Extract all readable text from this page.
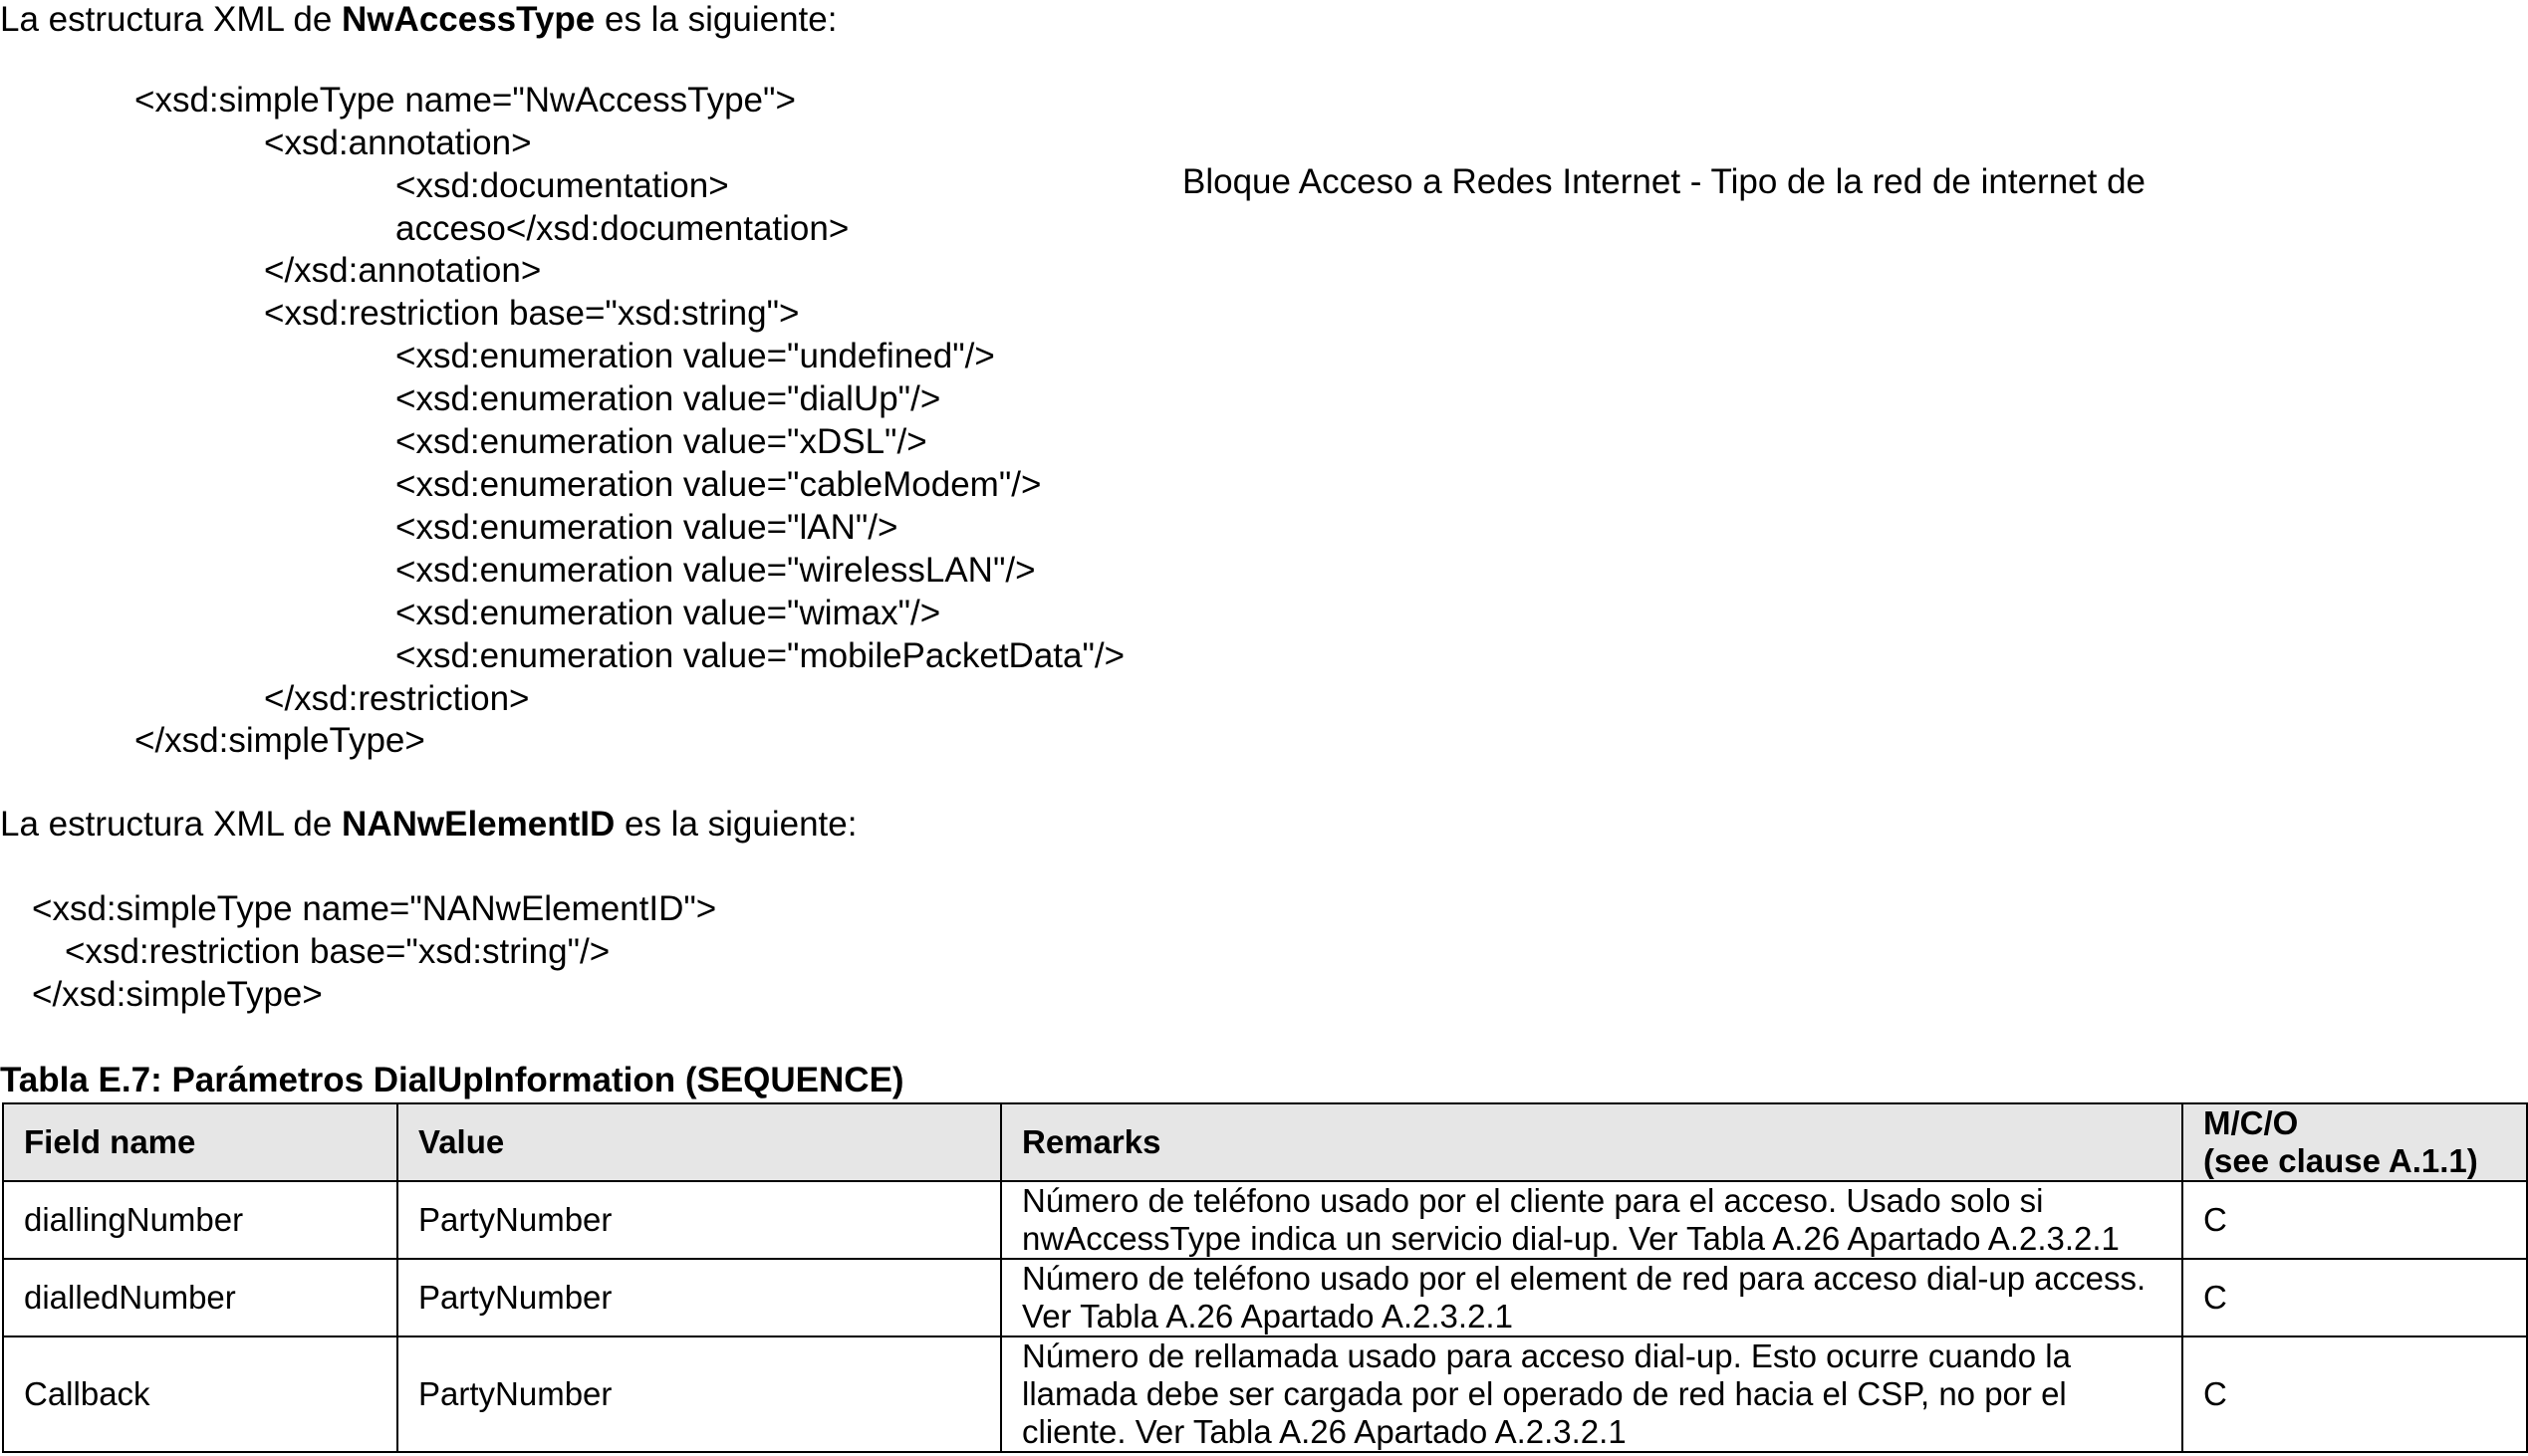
La estructura XML de NwAccessType es la siguiente:
<xsd:simpleType name="NwAccessType">
<xsd:annotation>
<xsd:documentation>	Bloque Acceso a Redes Internet - Tipo de la red de internet de
acceso</xsd:documentation>
</xsd:annotation>
<xsd:restriction base="xsd:string">
<xsd:enumeration value="undefined"/>
<xsd:enumeration value="dialUp"/>
<xsd:enumeration value="xDSL"/>
<xsd:enumeration value="cableModem"/>
<xsd:enumeration value="lAN"/>
<xsd:enumeration value="wirelessLAN"/>
<xsd:enumeration value="wimax"/>
<xsd:enumeration value="mobilePacketData"/>
</xsd:restriction>
</xsd:simpleType>
La estructura XML de NANwElementID es la siguiente:
<xsd:simpleType name="NANwElementID">
<xsd:restriction base="xsd:string"/>
</xsd:simpleType>
Tabla E.7: Parámetros DialUpInformation (SEQUENCE)
Field name	Value	Remarks	M/C/O
(see clause A.1.1)

diallingNumber	PartyNumber	Número de teléfono usado por el cliente para el acceso. Usado solo si nwAccessType indica un servicio dial-up. Ver Tabla A.26 Apartado A.2.3.2.1	C
dialledNumber	PartyNumber	Número de teléfono usado por el element de red para acceso dial-up access. Ver Tabla A.26 Apartado A.2.3.2.1	C
Callback	PartyNumber	Número de rellamada usado para acceso dial-up. Esto ocurre cuando la llamada debe ser cargada por el operado de red hacia el CSP, no por el cliente. Ver Tabla A.26 Apartado A.2.3.2.1	C
